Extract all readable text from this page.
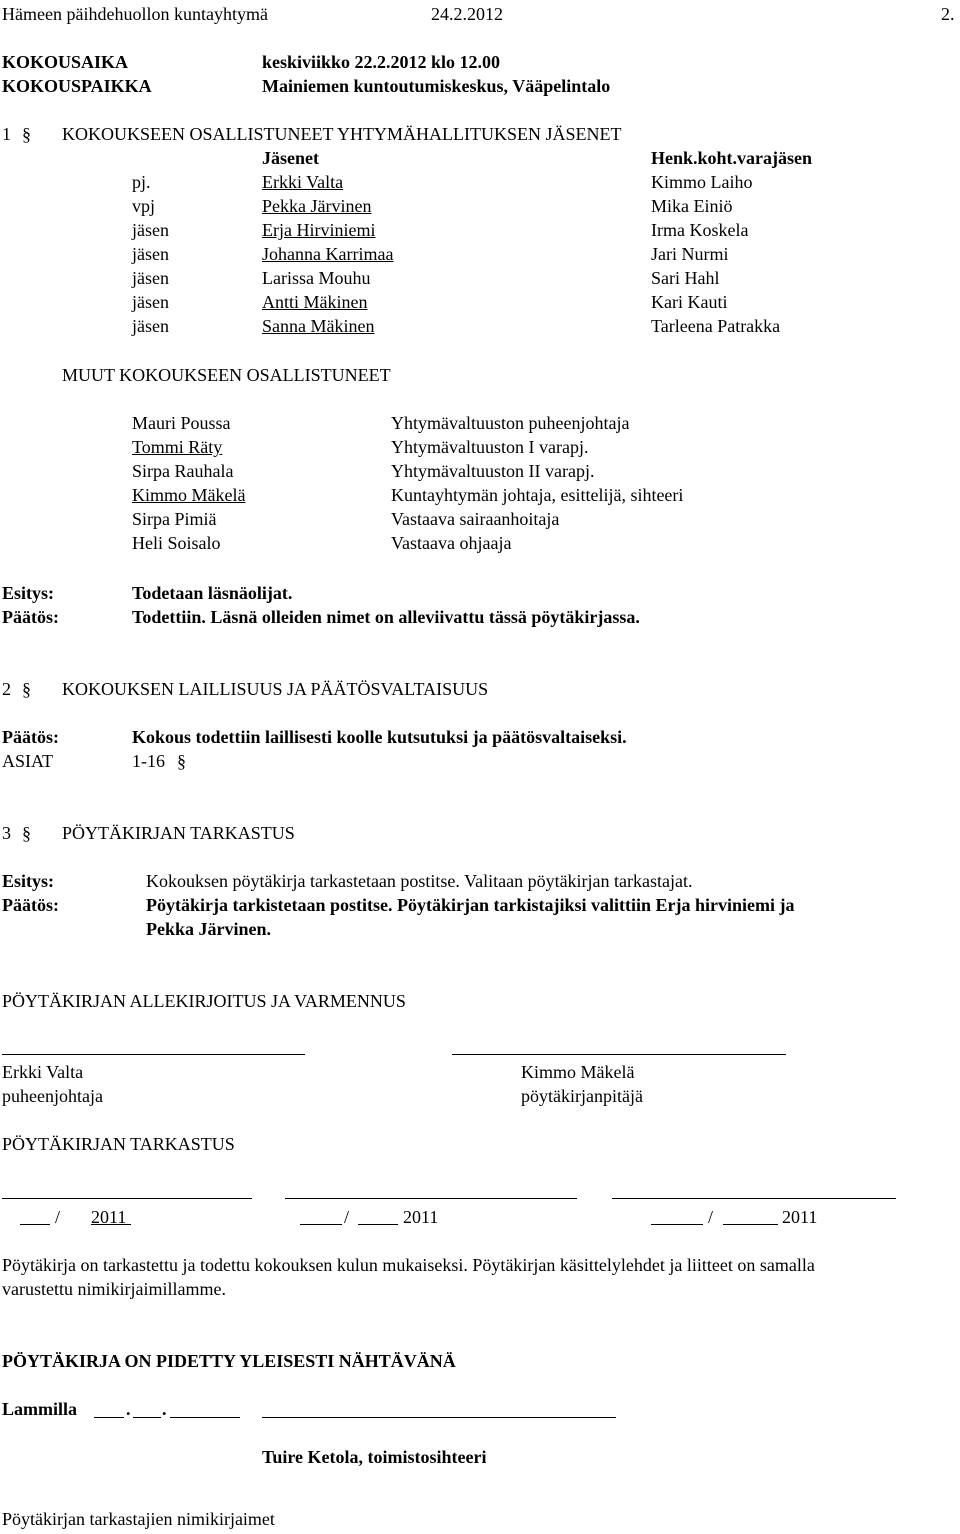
Hämeen päihdehuollon kuntayhtymä	24.2.2012	2.
KOKOUSAIKA	keskiviikko 22.2.2012 klo 12.00
KOKOUSPAIKKA	Mainiemen kuntoutumiskeskus, Vääpelintalo
1 § KOKOUKSEEN OSALLISTUNEET YHTYMÄHALLITUKSEN JÄSENET
Jäsenet	Henk.koht.varajäsen
pj.	Erkki Valta	Kimmo Laiho
vpj	Pekka Järvinen	Mika Einiö
jäsen	Erja Hirviniemi	Irma Koskela
jäsen	Johanna Karrimaa	Jari Nurmi
jäsen	Larissa Mouhu	Sari Hahl
jäsen	Antti Mäkinen	Kari Kauti
jäsen	Sanna Mäkinen	Tarleena Patrakka
MUUT KOKOUKSEEN OSALLISTUNEET
Mauri Poussa	Yhtymävaltuuston puheenjohtaja
Tommi Räty	Yhtymävaltuuston I varapj.
Sirpa Rauhala	Yhtymävaltuuston II varapj.
Kimmo Mäkelä	Kuntayhtymän johtaja, esittelijä, sihteeri
Sirpa Pimiä	Vastaava sairaanhoitaja
Heli Soisalo	Vastaava ohjaaja
Esitys:	Todetaan läsnäolijat.
Päätös:	Todettiin. Läsnä olleiden nimet on alleviivattu tässä pöytäkirjassa.
2 § KOKOUKSEN LAILLISUUS JA PÄÄTÖSVALTAISUUS
Päätös:	Kokous todettiin laillisesti koolle kutsutuksi ja päätösvaltaiseksi.
ASIAT	1-16 §
3 § PÖYTÄKIRJAN TARKASTUS
Esitys:	Kokouksen pöytäkirja tarkastetaan postitse. Valitaan pöytäkirjan tarkastajat.
Päätös:	Pöytäkirja tarkistetaan postitse. Pöytäkirjan tarkistajiksi valittiin Erja hirviniemi ja
Pekka Järvinen.
PÖYTÄKIRJAN ALLEKIRJOITUS JA VARMENNUS
Erkki Valta	Kimmo Mäkelä
puheenjohtaja	pöytäkirjanpitäjä
PÖYTÄKIRJAN TARKASTUS
/ 2011	/	2011	/	2011
Pöytäkirja on tarkastettu ja todettu kokouksen kulun mukaiseksi. Pöytäkirjan käsittelylehdet ja liitteet on samalla
varustettu nimikirjaimillamme.
PÖYTÄKIRJA ON PIDETTY YLEISESTI NÄHTÄVÄNÄ
Lammilla	. .
Tuire Ketola, toimistosihteeri
Pöytäkirjan tarkastajien nimikirjaimet
